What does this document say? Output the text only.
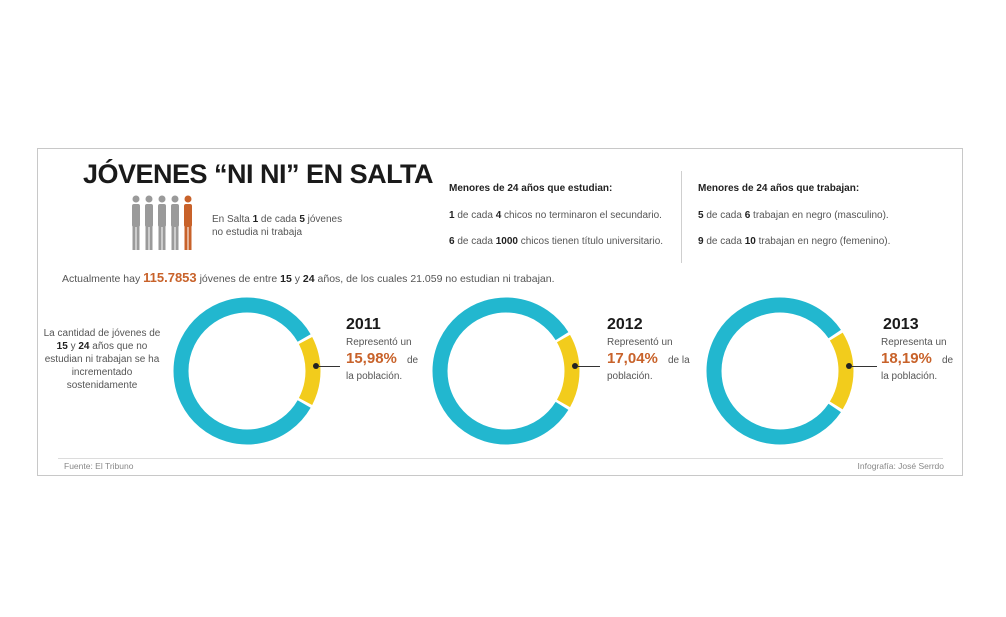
JÓVENES “NI NI” EN SALTA
En Salta 1 de cada 5 jóvenes
no estudia ni trabaja
Menores de 24 años que estudian:
1 de cada 4 chicos no terminaron el secundario.
6 de cada 1000 chicos tienen título universitario.
Menores de 24 años que trabajan:
5 de cada 6 trabajan en negro (masculino).
9 de cada 10 trabajan en negro (femenino).
Actualmente hay 115.7853 jóvenes de entre 15 y 24 años, de los cuales 21.059 no estudian ni trabajan.
La cantidad de jóvenes de 15 y 24 años que no estudian ni trabajan se ha incrementado sostenidamente
2011
Representó un
15,98% de
la población.
2012
Representó un
17,04% de la
población.
2013
Representa un
18,19% de
la población.
Fuente: El Tribuno	Infografía: José Serrdo
